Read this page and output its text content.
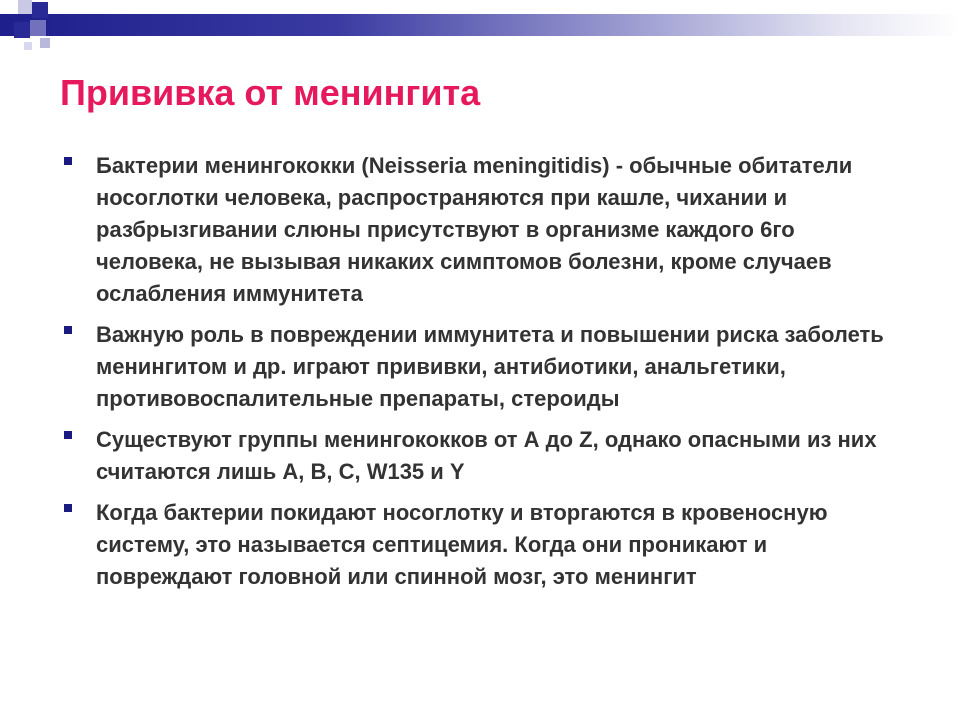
Прививка от менингита
Бактерии менингококки (Neisseria meningitidis) - обычные обитатели носоглотки человека, распространяются при кашле, чихании и разбрызгивании слюны присутствуют в организме каждого 6го человека, не вызывая никаких симптомов болезни, кроме случаев ослабления иммунитета
Важную роль в повреждении иммунитета и повышении риска заболеть менингитом и др. играют прививки, антибиотики, анальгетики, противовоспалительные препараты, стероиды
Существуют группы менингококков от А до Z, однако опасными из них считаются лишь A, B, C, W135 и Y
Когда бактерии покидают носоглотку и вторгаются в кровеносную систему, это называется септицемия. Когда они проникают и повреждают головной или спинной мозг, это менингит
